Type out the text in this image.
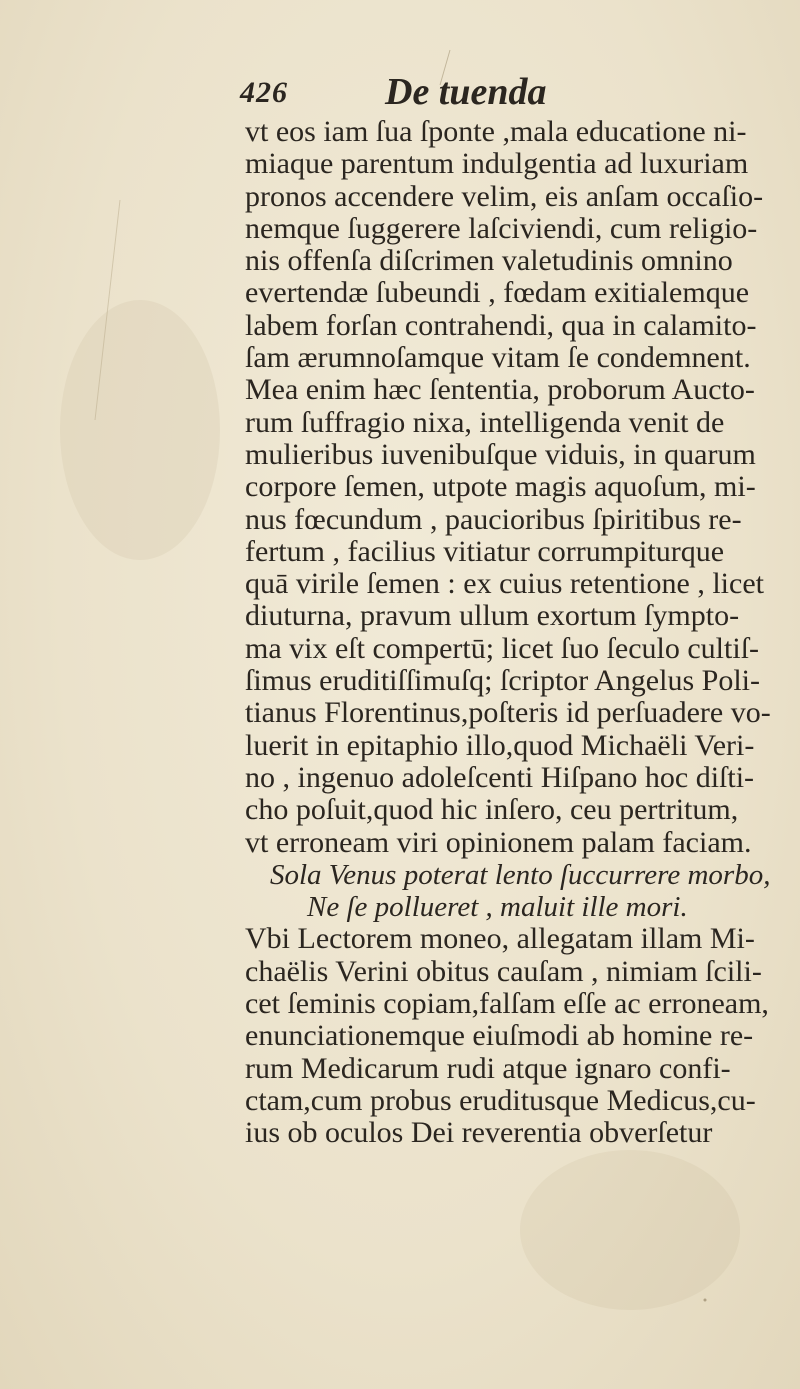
426	De tuenda
vt eos iam ſua ſponte ,mala educatione ni-
miaque parentum indulgentia ad luxuriam
pronos accendere velim, eis anſam occaſio-
nemque ſuggerere laſciviendi, cum religio-
nis offenſa diſcrimen valetudinis omnino
evertendæ ſubeundi , fœdam exitialemque
labem forſan contrahendi, qua in calamito-
ſam ærumnoſamque vitam ſe condemnent.
Mea enim hæc ſententia, proborum Aucto-
rum ſuffragio nixa, intelligenda venit de
mulieribus iuvenibuſque viduis, in quarum
corpore ſemen, utpote magis aquoſum, mi-
nus fœcundum , paucioribus ſpiritibus re-
fertum , facilius vitiatur corrumpiturque
quā virile ſemen : ex cuius retentione , licet
diuturna, pravum ullum exortum ſympto-
ma vix eſt compertū; licet ſuo ſeculo cultiſ-
ſimus eruditiſſimuſq; ſcriptor Angelus Poli-
tianus Florentinus,poſteris id perſuadere vo-
luerit in epitaphio illo,quod Michaëli Veri-
no , ingenuo adoleſcenti Hiſpano hoc diſti-
cho poſuit,quod hic inſero, ceu pertritum,
vt erroneam viri opinionem palam faciam.
Sola Venus poterat lento ſuccurrere morbo,
Ne ſe pollueret , maluit ille mori.
Vbi Lectorem moneo, allegatam illam Mi-
chaëlis Verini obitus cauſam , nimiam ſcili-
cet ſeminis copiam,falſam eſſe ac erroneam,
enunciationemque eiuſmodi ab homine re-
rum Medicarum rudi atque ignaro confi-
ctam,cum probus eruditusque Medicus,cu-
ius ob oculos Dei reverentia obverſetur
